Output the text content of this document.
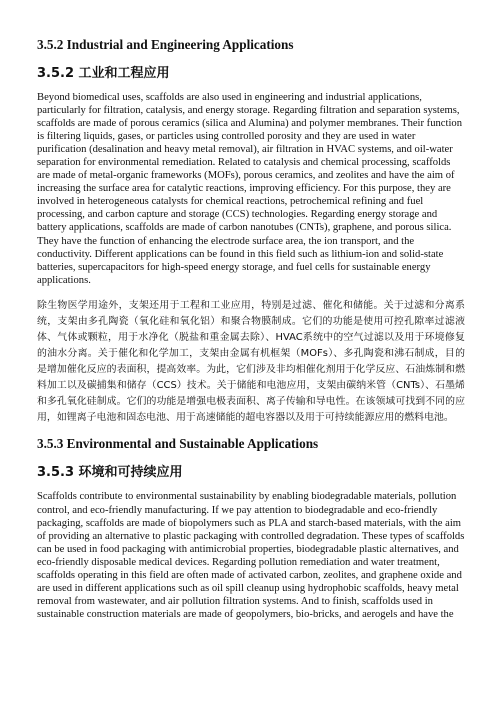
3.5.2 Industrial and Engineering Applications
3.5.2 工业和工程应用

Beyond biomedical uses, scaffolds are also used in engineering and industrial applications, particularly for filtration, catalysis, and energy storage. Regarding filtration and separation systems, scaffolds are made of porous ceramics (silica and Alumina) and polymer membranes. Their function is filtering liquids, gases, or particles using controlled porosity and they are used in water purification (desalination and heavy metal removal), air filtration in HVAC systems, and oil-water separation for environmental remediation. Related to catalysis and chemical processing, scaffolds are made of metal-organic frameworks (MOFs), porous ceramics, and zeolites and have the aim of increasing the surface area for catalytic reactions, improving efficiency. For this purpose, they are involved in heterogeneous catalysts for chemical reactions, petrochemical refining and fuel processing, and carbon capture and storage (CCS) technologies. Regarding energy storage and battery applications, scaffolds are made of carbon nanotubes (CNTs), graphene, and porous silica. They have the function of enhancing the electrode surface area, the ion transport, and the conductivity. Different applications can be found in this field such as lithium-ion and solid-state batteries, supercapacitors for high-speed energy storage, and fuel cells for sustainable energy applications.

除生物医学用途外，支架还用于工程和工业应用，特别是过滤、催化和储能。关于过滤和分离系统，支架由多孔陶瓷（氧化硅和氧化铝）和聚合物膜制成。它们的功能是使用可控孔隙率过滤液体、气体或颗粒，用于水净化（脱盐和重金属去除）、HVAC系统中的空气过滤以及用于环境修复的油水分离。关于催化和化学加工，支架由金属有机框架（MOFs）、多孔陶瓷和沸石制成，目的是增加催化反应的表面积，提高效率。为此，它们涉及非均相催化剂用于化学反应、石油炼制和燃料加工以及碳捕集和储存（CCS）技术。关于储能和电池应用，支架由碳纳米管（CNTs）、石墨烯和多孔氧化硅制成。它们的功能是增强电极表面积、离子传输和导电性。在该领域可找到不同的应用，如锂离子电池和固态电池、用于高速储能的超电容器以及用于可持续能源应用的燃料电池。

3.5.3 Environmental and Sustainable Applications
3.5.3 环境和可持续应用

Scaffolds contribute to environmental sustainability by enabling biodegradable materials, pollution control, and eco-friendly manufacturing. If we pay attention to biodegradable and eco-friendly packaging, scaffolds are made of biopolymers such as PLA and starch-based materials, with the aim of providing an alternative to plastic packaging with controlled degradation. These types of scaffolds can be used in food packaging with antimicrobial properties, biodegradable plastic alternatives, and eco-friendly disposable medical devices. Regarding pollution remediation and water treatment, scaffolds operating in this field are often made of activated carbon, zeolites, and graphene oxide and are used in different applications such as oil spill cleanup using hydrophobic scaffolds, heavy metal removal from wastewater, and air pollution filtration systems. And to finish, scaffolds used in sustainable construction materials are made of geopolymers, bio-bricks, and aerogels and have the
